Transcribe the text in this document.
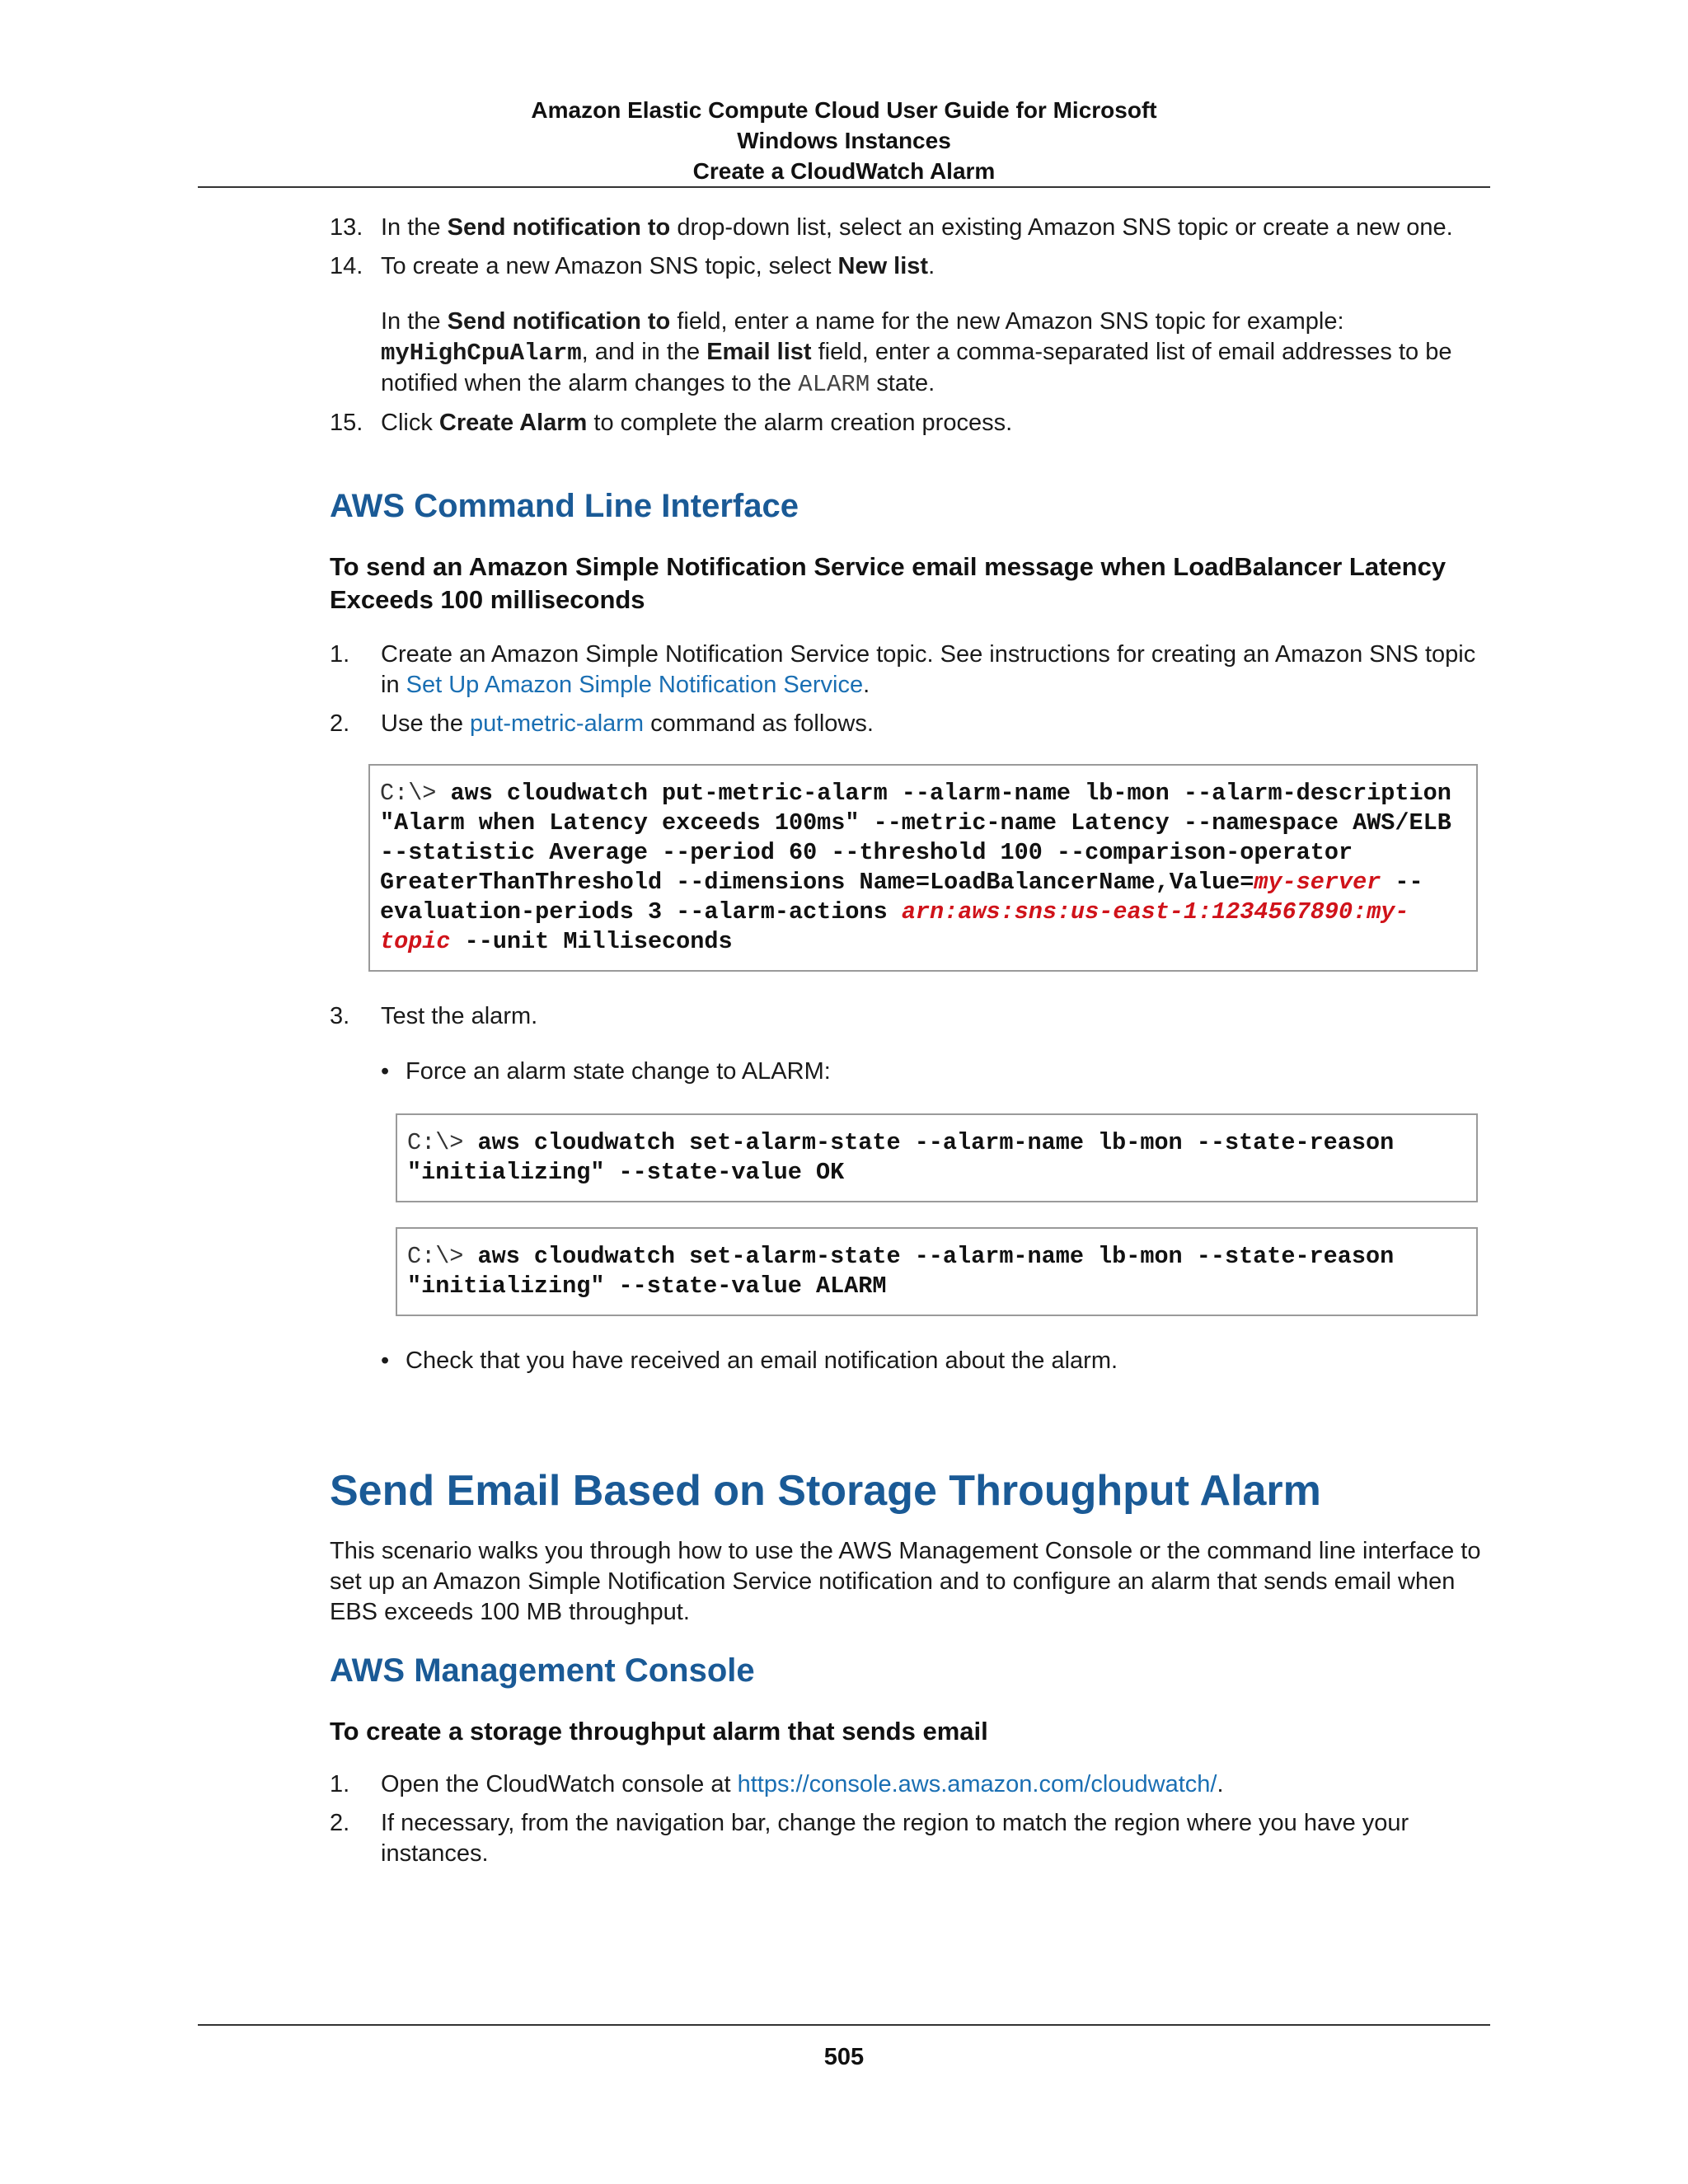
Amazon Elastic Compute Cloud User Guide for Microsoft
Windows Instances
Create a CloudWatch Alarm
13. In the Send notification to drop-down list, select an existing Amazon SNS topic or create a new one.
14. To create a new Amazon SNS topic, select New list.
In the Send notification to field, enter a name for the new Amazon SNS topic for example: myHighCpuAlarm, and in the Email list field, enter a comma-separated list of email addresses to be notified when the alarm changes to the ALARM state.
15. Click Create Alarm to complete the alarm creation process.
AWS Command Line Interface

To send an Amazon Simple Notification Service email message when LoadBalancer Latency Exceeds 100 milliseconds

1. Create an Amazon Simple Notification Service topic. See instructions for creating an Amazon SNS topic in Set Up Amazon Simple Notification Service.
2. Use the put-metric-alarm command as follows.
C:\> aws cloudwatch put-metric-alarm --alarm-name lb-mon --alarm-description "Alarm when Latency exceeds 100ms" --metric-name Latency --namespace AWS/ELB --statistic Average --period 60 --threshold 100 --comparison-operator GreaterThanThreshold --dimensions Name=LoadBalancerName,Value=my-server --evaluation-periods 3 --alarm-actions arn:aws:sns:us-east-1:1234567890:my-topic --unit Milliseconds
3. Test the alarm.
• Force an alarm state change to ALARM:
C:\> aws cloudwatch set-alarm-state --alarm-name lb-mon --state-reason "initializing" --state-value OK
C:\> aws cloudwatch set-alarm-state --alarm-name lb-mon --state-reason "initializing" --state-value ALARM
• Check that you have received an email notification about the alarm.
Send Email Based on Storage Throughput Alarm

This scenario walks you through how to use the AWS Management Console or the command line interface to set up an Amazon Simple Notification Service notification and to configure an alarm that sends email when EBS exceeds 100 MB throughput.

AWS Management Console

To create a storage throughput alarm that sends email

1. Open the CloudWatch console at https://console.aws.amazon.com/cloudwatch/.
2. If necessary, from the navigation bar, change the region to match the region where you have your instances.
505
